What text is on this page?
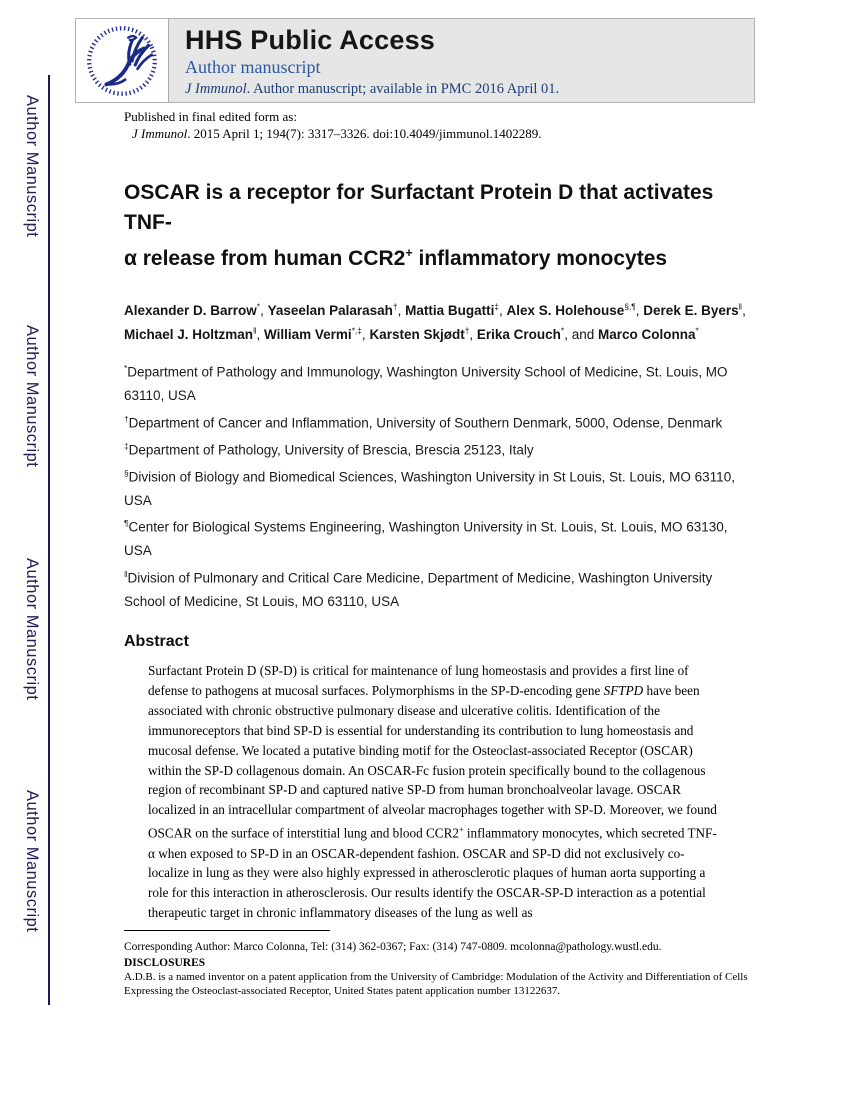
Author Manuscript
Author Manuscript
Author Manuscript
Author Manuscript
HHS Public Access
Author manuscript
J Immunol. Author manuscript; available in PMC 2016 April 01.
Published in final edited form as:
J Immunol. 2015 April 1; 194(7): 3317–3326. doi:10.4049/jimmunol.1402289.
OSCAR is a receptor for Surfactant Protein D that activates TNF-
α release from human CCR2+ inflammatory monocytes
Alexander D. Barrow*, Yaseelan Palarasah†, Mattia Bugatti‡, Alex S. Holehouse§,¶, Derek E. Byers‖, Michael J. Holtzman‖, William Vermi*,‡, Karsten Skjødt†, Erika Crouch*, and Marco Colonna*

*Department of Pathology and Immunology, Washington University School of Medicine, St. Louis, MO 63110, USA

†Department of Cancer and Inflammation, University of Southern Denmark, 5000, Odense, Denmark

‡Department of Pathology, University of Brescia, Brescia 25123, Italy

§Division of Biology and Biomedical Sciences, Washington University in St Louis, St. Louis, MO 63110, USA

¶Center for Biological Systems Engineering, Washington University in St. Louis, St. Louis, MO 63130, USA

‖Division of Pulmonary and Critical Care Medicine, Department of Medicine, Washington University School of Medicine, St Louis, MO 63110, USA

Abstract

Surfactant Protein D (SP-D) is critical for maintenance of lung homeostasis and provides a first line of defense to pathogens at mucosal surfaces. Polymorphisms in the SP-D-encoding gene SFTPD have been associated with chronic obstructive pulmonary disease and ulcerative colitis. Identification of the immunoreceptors that bind SP-D is essential for understanding its contribution to lung homeostasis and mucosal defense. We located a putative binding motif for the Osteoclast-associated Receptor (OSCAR) within the SP-D collagenous domain. An OSCAR-Fc fusion protein specifically bound to the collagenous region of recombinant SP-D and captured native SP-D from human bronchoalveolar lavage. OSCAR localized in an intracellular compartment of alveolar macrophages together with SP-D. Moreover, we found OSCAR on the surface of interstitial lung and blood CCR2+ inflammatory monocytes, which secreted TNF-α when exposed to SP-D in an OSCAR-dependent fashion. OSCAR and SP-D did not exclusively co-localize in lung as they were also highly expressed in atherosclerotic plaques of human aorta supporting a role for this interaction in atherosclerosis. Our results identify the OSCAR-SP-D interaction as a potential therapeutic target in chronic inflammatory diseases of the lung as well as

Corresponding Author: Marco Colonna, Tel: (314) 362-0367; Fax: (314) 747-0809. mcolonna@pathology.wustl.edu.
DISCLOSURES
A.D.B. is a named inventor on a patent application from the University of Cambridge: Modulation of the Activity and Differentiation of Cells Expressing the Osteoclast-associated Receptor, United States patent application number 13122637.
